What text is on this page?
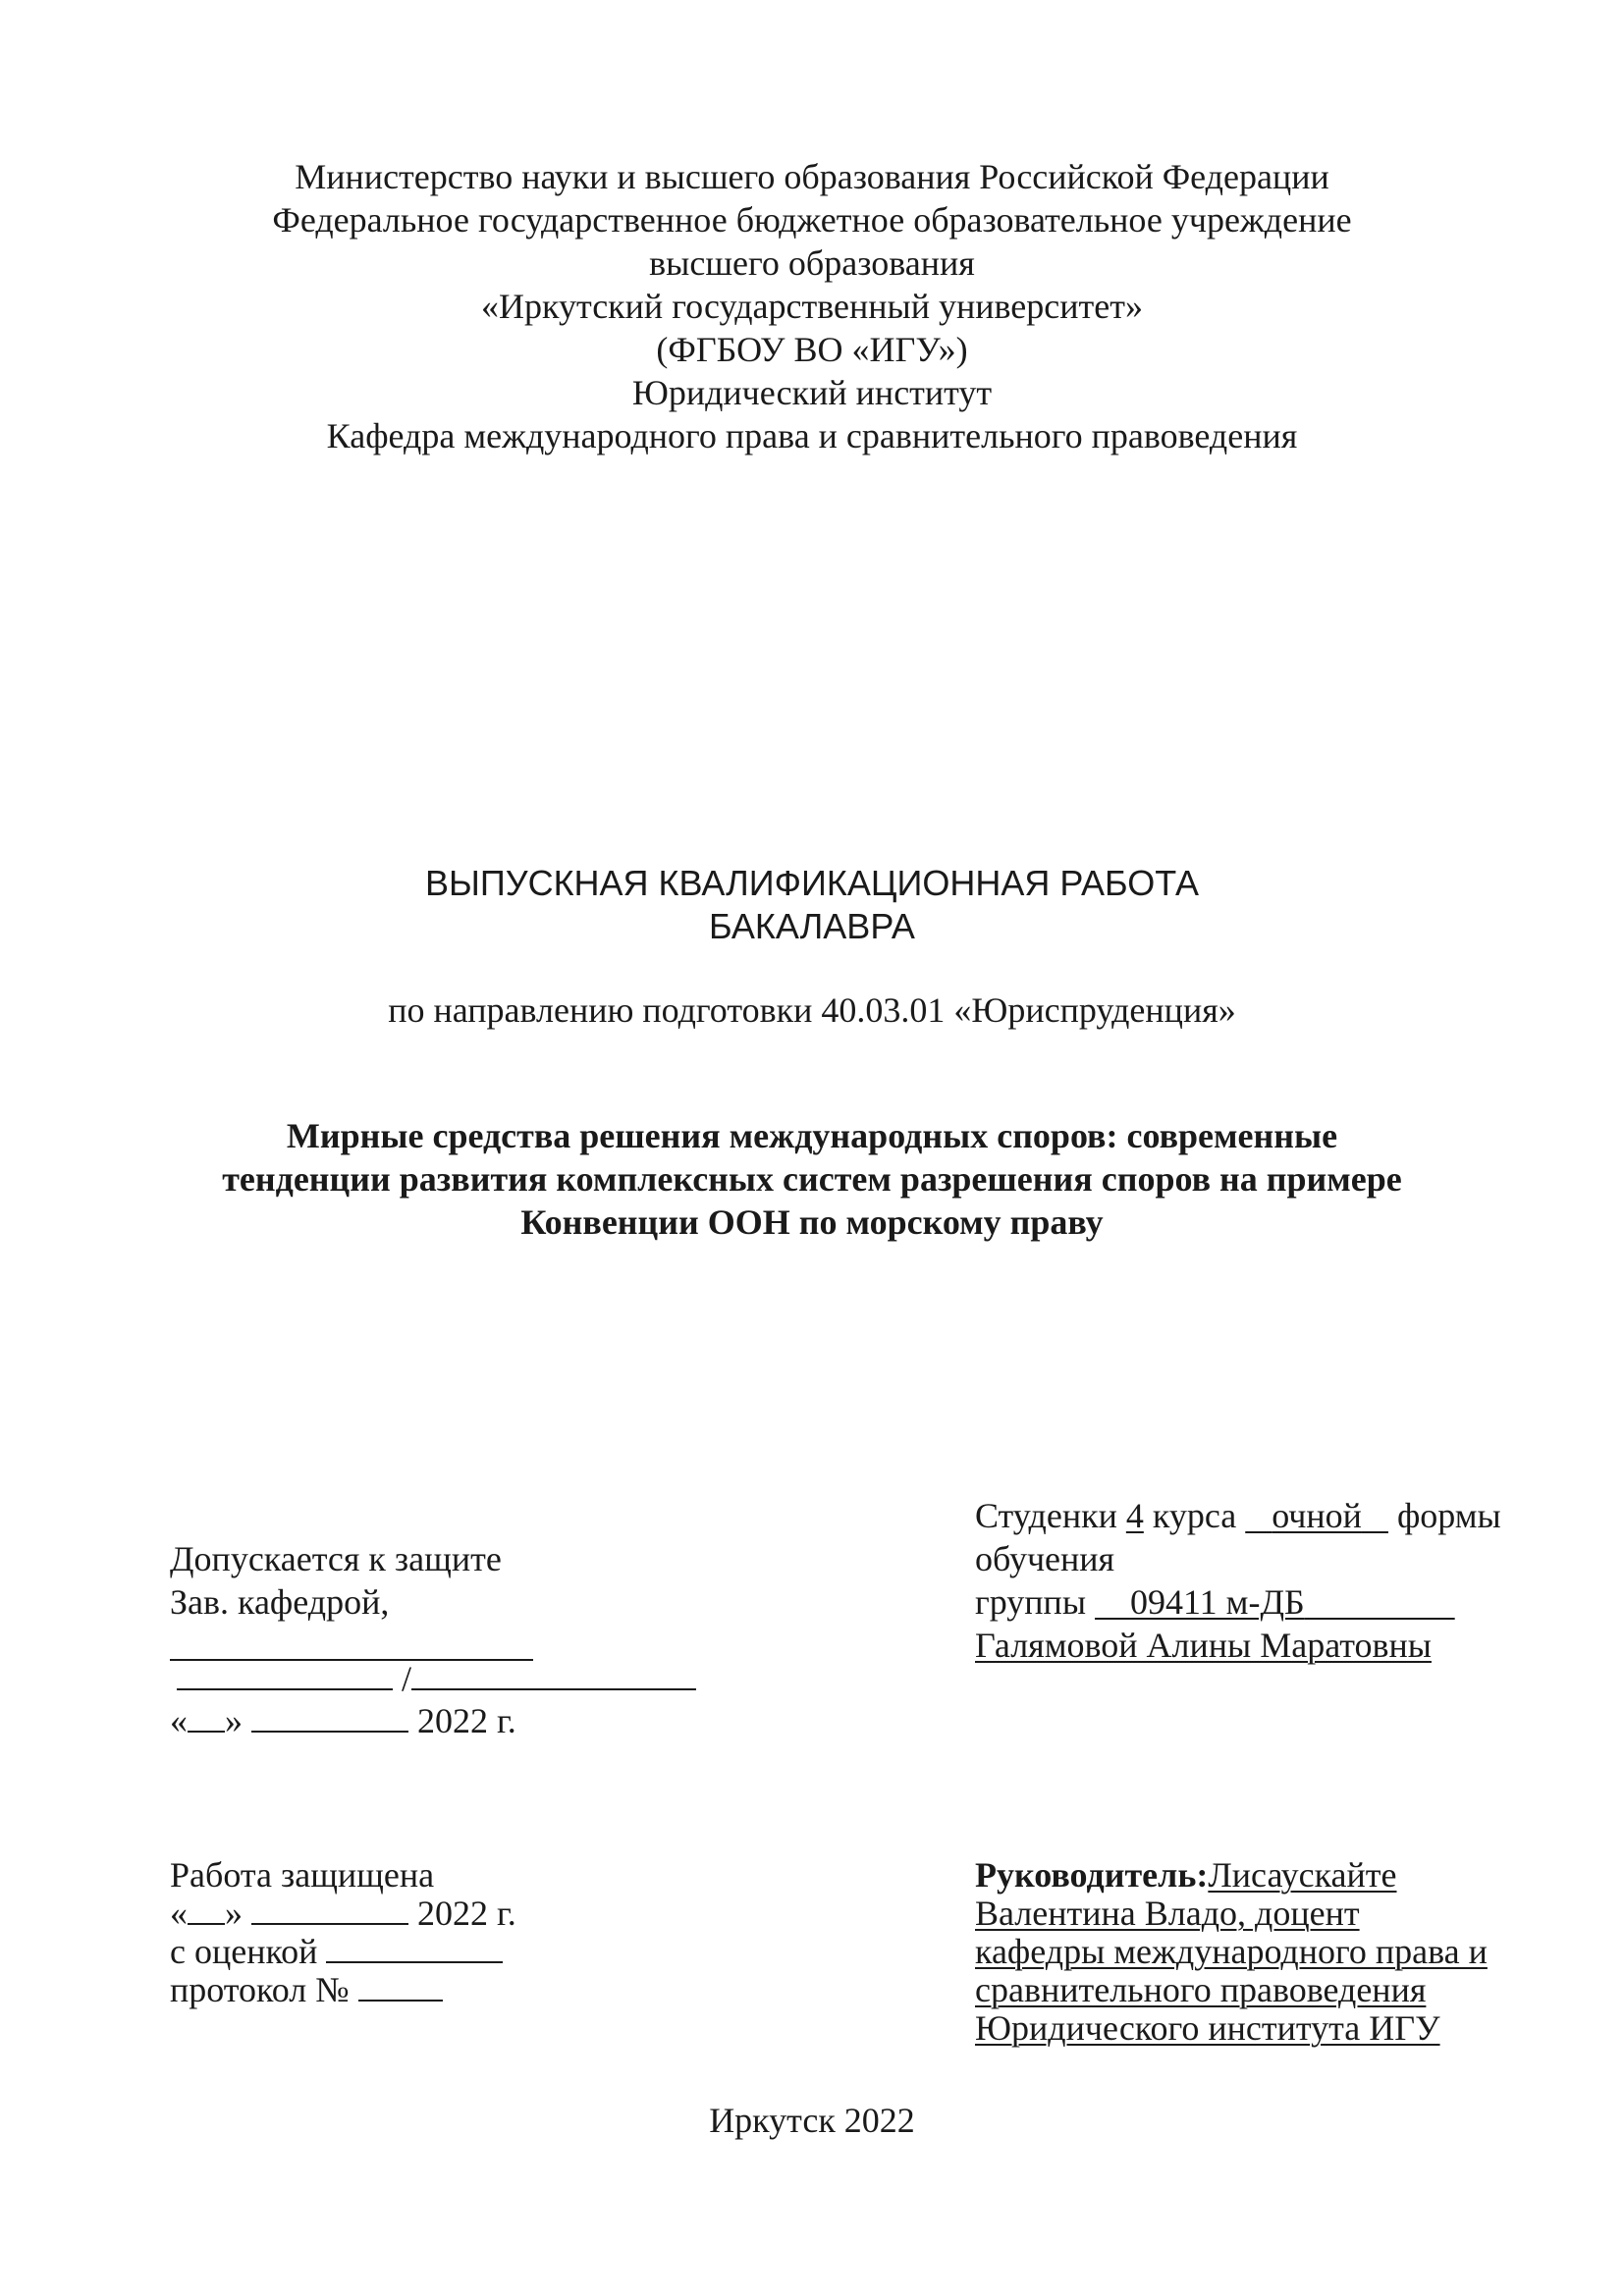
Министерство науки и высшего образования Российской Федерации
Федеральное государственное бюджетное образовательное учреждение
высшего образования
«Иркутский государственный университет»
(ФГБОУ ВО «ИГУ»)
Юридический институт
Кафедра международного права и сравнительного правоведения
ВЫПУСКНАЯ КВАЛИФИКАЦИОННАЯ РАБОТА
БАКАЛАВРА
по направлению подготовки 40.03.01 «Юриспруденция»
Мирные средства решения международных споров: современные
тенденции развития комплексных систем разрешения споров на примере
Конвенции ООН по морскому праву
Студенки 4 курса очной формы
обучения
группы 09411 м-ДБ
Галямовой Алины Маратовны
Допускается к защите
Зав. кафедрой,
/
« »	2022 г.
Работа защищена
« »	2022 г.
с оценкой
протокол №
Руководитель:Лисаускайте
Валентина Владо, доцент
кафедры международного права и
сравнительного правоведения
Юридического института ИГУ
Иркутск 2022
